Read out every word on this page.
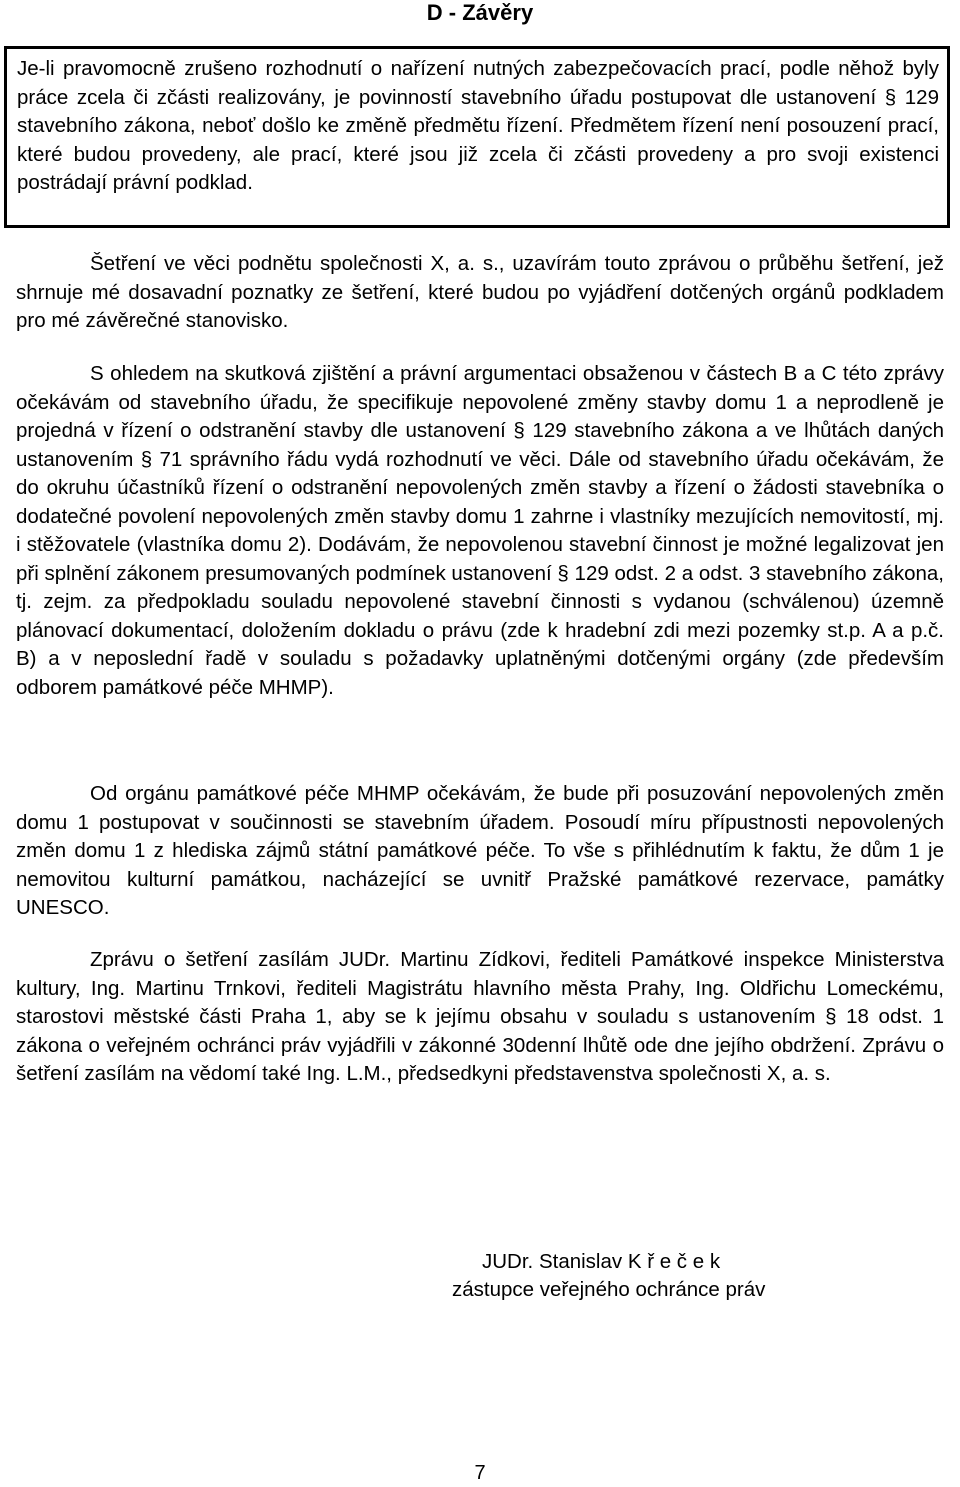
D - Závěry

Je-li pravomocně zrušeno rozhodnutí o nařízení nutných zabezpečovacích prací, podle něhož byly práce zcela či zčásti realizovány, je povinností stavebního úřadu postupovat dle ustanovení § 129 stavebního zákona, neboť došlo ke změně předmětu řízení. Předmětem řízení není posouzení prací, které budou provedeny, ale prací, které jsou již zcela či zčásti provedeny a pro svoji existenci postrádají právní podklad.

Šetření ve věci podnětu společnosti X, a. s., uzavírám touto zprávou o průběhu šetření, jež shrnuje mé dosavadní poznatky ze šetření, které budou po vyjádření dotčených orgánů podkladem pro mé závěrečné stanovisko.

S ohledem na skutková zjištění a právní argumentaci obsaženou v částech B a C této zprávy očekávám od stavebního úřadu, že specifikuje nepovolené změny stavby domu 1 a neprodleně je projedná v řízení o odstranění stavby dle ustanovení § 129 stavebního zákona a ve lhůtách daných ustanovením § 71 správního řádu vydá rozhodnutí ve věci. Dále od stavebního úřadu očekávám, že do okruhu účastníků řízení o odstranění nepovolených změn stavby a řízení o žádosti stavebníka o dodatečné povolení nepovolených změn stavby domu 1 zahrne i vlastníky mezujících nemovitostí, mj. i stěžovatele (vlastníka domu 2). Dodávám, že nepovolenou stavební činnost je možné legalizovat jen při splnění zákonem presumovaných podmínek ustanovení § 129 odst. 2 a odst. 3 stavebního zákona, tj. zejm. za předpokladu souladu nepovolené stavební činnosti s vydanou (schválenou) územně plánovací dokumentací, doložením dokladu o právu (zde k hradební zdi mezi pozemky st.p. A a p.č. B) a v neposlední řadě v souladu s požadavky uplatněnými dotčenými orgány (zde především odborem památkové péče MHMP).

Od orgánu památkové péče MHMP očekávám, že bude při posuzování nepovolených změn domu 1 postupovat v součinnosti se stavebním úřadem. Posoudí míru přípustnosti nepovolených změn domu 1 z hlediska zájmů státní památkové péče. To vše s přihlédnutím k faktu, že dům 1 je nemovitou kulturní památkou, nacházející se uvnitř Pražské památkové rezervace, památky UNESCO.

Zprávu o šetření zasílám JUDr. Martinu Zídkovi, řediteli Památkové inspekce Ministerstva kultury, Ing. Martinu Trnkovi, řediteli Magistrátu hlavního města Prahy, Ing. Oldřichu Lomeckému, starostovi městské části Praha 1, aby se k jejímu obsahu v souladu s ustanovením § 18 odst. 1 zákona o veřejném ochránci práv vyjádřili v zákonné 30denní lhůtě ode dne jejího obdržení. Zprávu o šetření zasílám na vědomí také Ing. L.M., předsedkyni představenstva společnosti X, a. s.

JUDr. Stanislav K ř e č e k
zástupce veřejného ochránce práv
7
